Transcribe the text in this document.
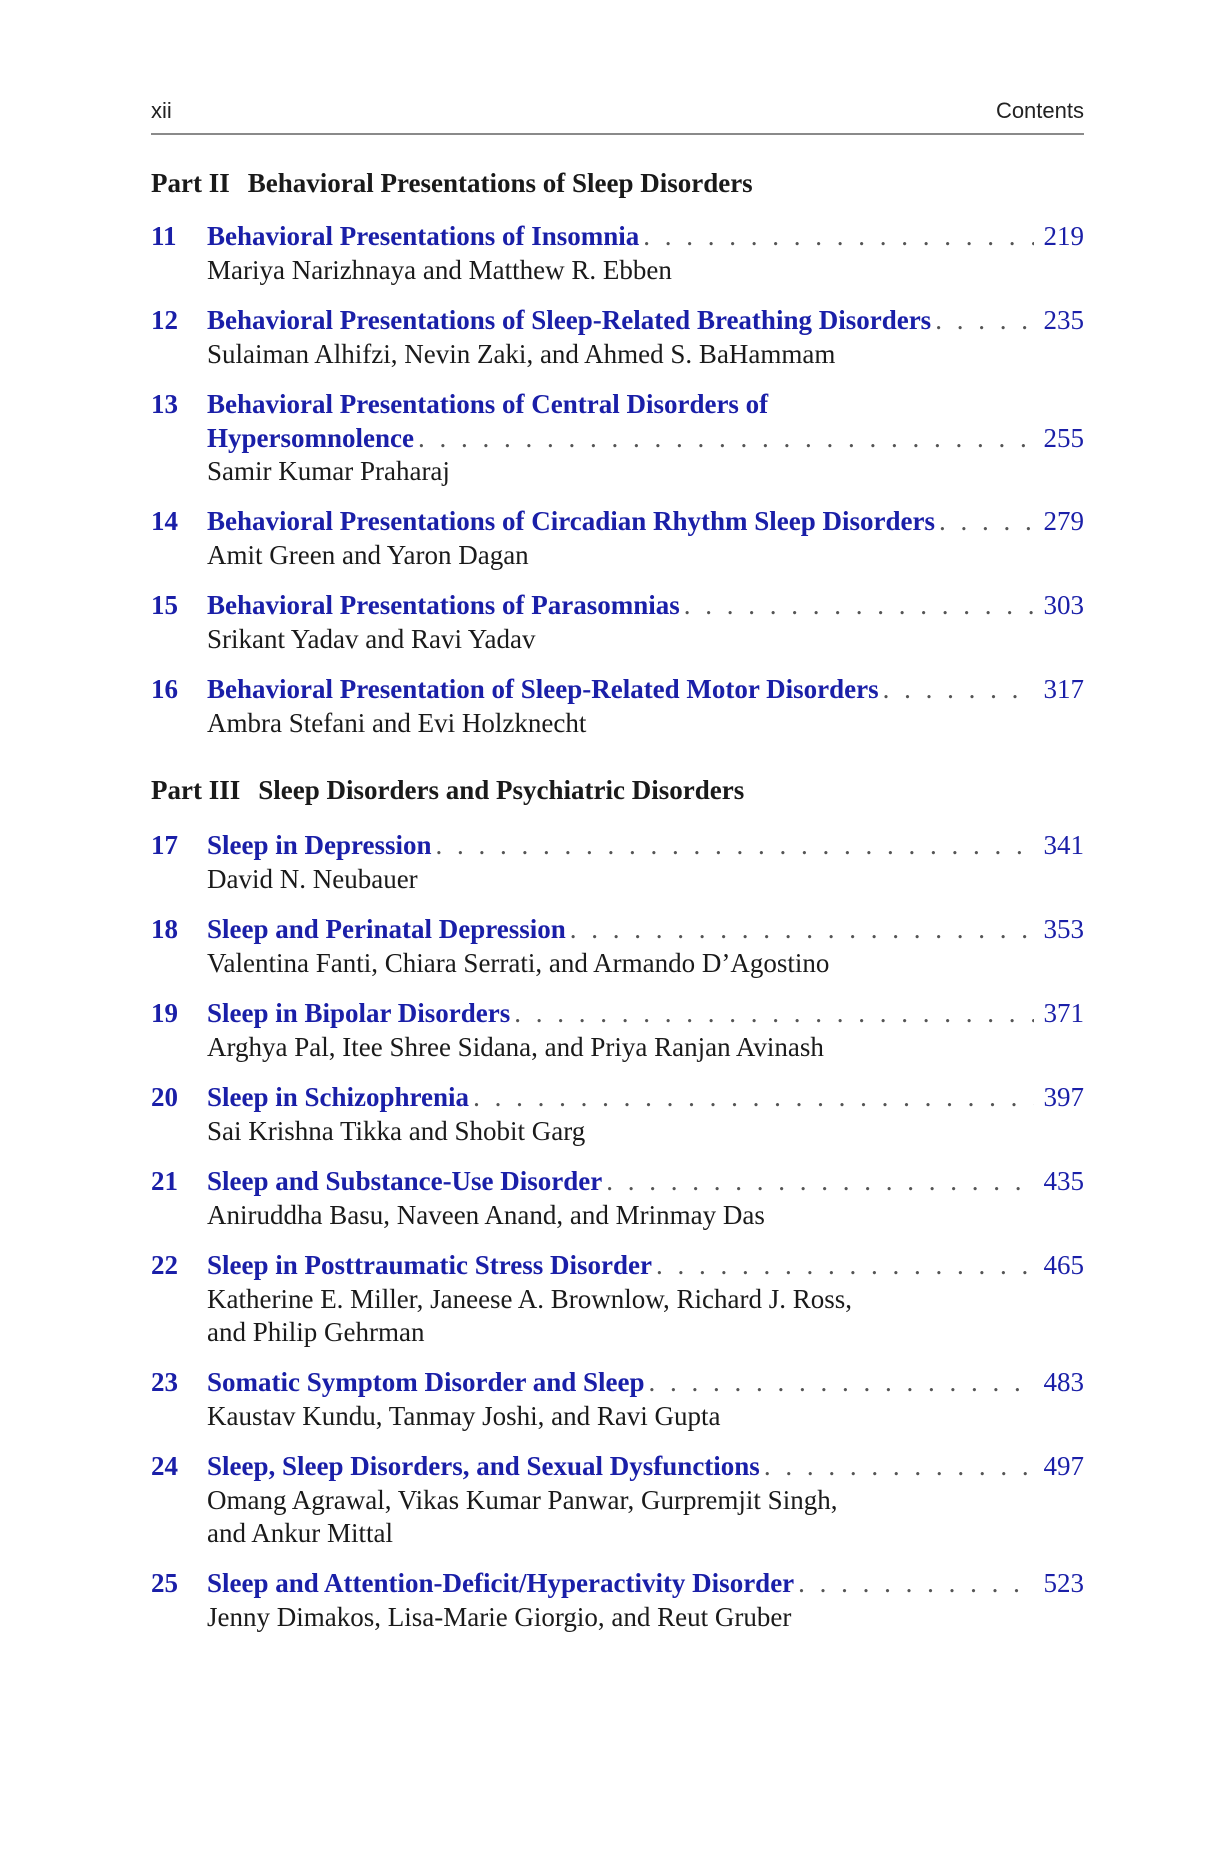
xii	Contents
Part II Behavioral Presentations of Sleep Disorders
11 Behavioral Presentations of Insomnia . . .	219
Mariya Narizhnaya and Matthew R. Ebben
12 Behavioral Presentations of Sleep-Related Breathing Disorders . . .	235
Sulaiman Alhifzi, Nevin Zaki, and Ahmed S. BaHammam
13 Behavioral Presentations of Central Disorders of
Hypersomnolence . . .	255
Samir Kumar Praharaj
14 Behavioral Presentations of Circadian Rhythm Sleep Disorders . . .	279
Amit Green and Yaron Dagan
15 Behavioral Presentations of Parasomnias . . .	303
Srikant Yadav and Ravi Yadav
16 Behavioral Presentation of Sleep-Related Motor Disorders . . .	317
Ambra Stefani and Evi Holzknecht
Part III Sleep Disorders and Psychiatric Disorders
17 Sleep in Depression . . .	341
David N. Neubauer
18 Sleep and Perinatal Depression . . .	353
Valentina Fanti, Chiara Serrati, and Armando D’Agostino
19 Sleep in Bipolar Disorders . . .	371
Arghya Pal, Itee Shree Sidana, and Priya Ranjan Avinash
20 Sleep in Schizophrenia . . .	397
Sai Krishna Tikka and Shobit Garg
21 Sleep and Substance-Use Disorder . . .	435
Aniruddha Basu, Naveen Anand, and Mrinmay Das
22 Sleep in Posttraumatic Stress Disorder . . .	465
Katherine E. Miller, Janeese A. Brownlow, Richard J. Ross,
and Philip Gehrman
23 Somatic Symptom Disorder and Sleep . . .	483
Kaustav Kundu, Tanmay Joshi, and Ravi Gupta
24 Sleep, Sleep Disorders, and Sexual Dysfunctions . . .	497
Omang Agrawal, Vikas Kumar Panwar, Gurpremjit Singh,
and Ankur Mittal
25 Sleep and Attention-Deficit/Hyperactivity Disorder . . .	523
Jenny Dimakos, Lisa-Marie Giorgio, and Reut Gruber
